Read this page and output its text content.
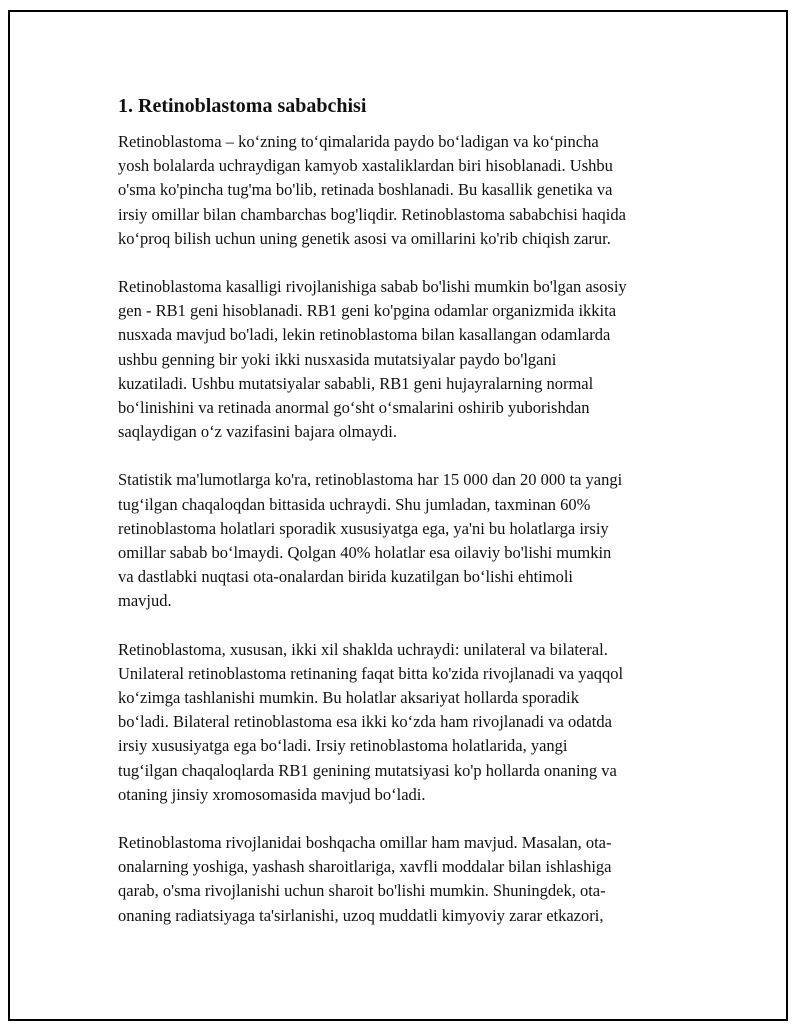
1. Retinoblastoma sababchisi
Retinoblastoma – ko‘zning to‘qimalarida paydo bo‘ladigan va ko‘pincha
yosh bolalarda uchraydigan kamyob xastaliklardan biri hisoblanadi. Ushbu
o'sma ko'pincha tug'ma bo'lib, retinada boshlanadi. Bu kasallik genetika va
irsiy omillar bilan chambarchas bog'liqdir. Retinoblastoma sababchisi haqida
ko‘proq bilish uchun uning genetik asosi va omillarini ko'rib chiqish zarur.
Retinoblastoma kasalligi rivojlanishiga sabab bo'lishi mumkin bo'lgan asosiy
gen - RB1 geni hisoblanadi. RB1 geni ko'pgina odamlar organizmida ikkita
nusxada mavjud bo'ladi, lekin retinoblastoma bilan kasallangan odamlarda
ushbu genning bir yoki ikki nusxasida mutatsiyalar paydo bo'lgani
kuzatiladi. Ushbu mutatsiyalar sababli, RB1 geni hujayralarning normal
bo‘linishini va retinada anormal go‘sht o‘smalarini oshirib yuborishdan
saqlaydigan o‘z vazifasini bajara olmaydi.
Statistik ma'lumotlarga ko'ra, retinoblastoma har 15 000 dan 20 000 ta yangi
tug‘ilgan chaqaloqdan bittasida uchraydi. Shu jumladan, taxminan 60%
retinoblastoma holatlari sporadik xususiyatga ega, ya'ni bu holatlarga irsiy
omillar sabab bo‘lmaydi. Qolgan 40% holatlar esa oilaviy bo'lishi mumkin
va dastlabki nuqtasi ota-onalardan birida kuzatilgan bo‘lishi ehtimoli
mavjud.
Retinoblastoma, xususan, ikki xil shaklda uchraydi: unilateral va bilateral.
Unilateral retinoblastoma retinaning faqat bitta ko'zida rivojlanadi va yaqqol
ko‘zimga tashlanishi mumkin. Bu holatlar aksariyat hollarda sporadik
bo‘ladi. Bilateral retinoblastoma esa ikki ko‘zda ham rivojlanadi va odatda
irsiy xususiyatga ega bo‘ladi. Irsiy retinoblastoma holatlarida, yangi
tug‘ilgan chaqaloqlarda RB1 genining mutatsiyasi ko'p hollarda onaning va
otaning jinsiy xromosomasida mavjud bo‘ladi.
Retinoblastoma rivojlanidai boshqacha omillar ham mavjud. Masalan, ota-
onalarning yoshiga, yashash sharoitlariga, xavfli moddalar bilan ishlashiga
qarab, o'sma rivojlanishi uchun sharoit bo'lishi mumkin. Shuningdek, ota-
onaning radiatsiyaga ta'sirlanishi, uzoq muddatli kimyoviy zarar etkazori,
